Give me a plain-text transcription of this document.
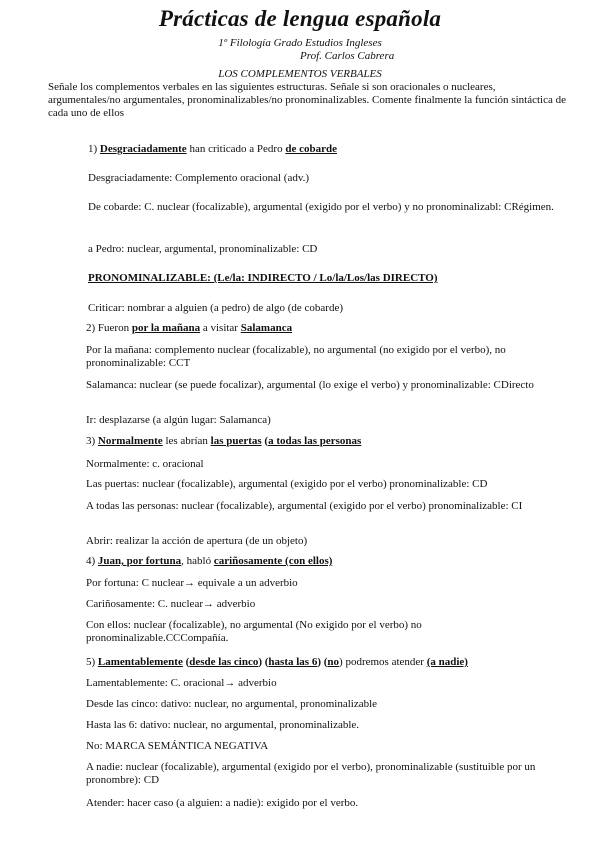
Prácticas de lengua española
1º Filología Grado Estudios Ingleses
Prof. Carlos Cabrera
LOS COMPLEMENTOS VERBALES
Señale los complementos verbales en las siguientes estructuras. Señale si son oracionales o nucleares, argumentales/no argumentales, pronominalizables/no pronominalizables. Comente finalmente la función sintáctica de cada uno de ellos
1) Desgraciadamente han criticado a Pedro de cobarde
Desgraciadamente: Complemento oracional (adv.)
De cobarde: C. nuclear (focalizable), argumental (exigido por el verbo) y no pronominalizabl: CRégimen.
a Pedro: nuclear, argumental, pronominalizable: CD
PRONOMINALIZABLE: (Le/la: INDIRECTO / Lo/la/Los/las DIRECTO)
Criticar: nombrar a alguien (a pedro) de algo (de cobarde)
2) Fueron por la mañana a visitar Salamanca
Por la mañana: complemento nuclear (focalizable), no argumental (no exigido por el verbo), no pronominalizable: CCT
Salamanca: nuclear (se puede focalizar), argumental (lo exige el verbo) y pronominalizable: CDirecto
Ir: desplazarse (a algún lugar: Salamanca)
3) Normalmente les abrían las puertas (a todas las personas
Normalmente: c. oracional
Las puertas: nuclear (focalizable), argumental (exigido por el verbo) pronominalizable: CD
A todas las personas: nuclear (focalizable), argumental (exigido por el verbo) pronominalizable: CI
Abrir: realizar la acción de apertura (de un objeto)
4) Juan, por fortuna, habló cariñosamente (con ellos)
Por fortuna: C nuclear→ equivale a un adverbio
Cariñosamente: C. nuclear→ adverbio
Con ellos: nuclear (focalizable), no argumental (No exigido por el verbo) no pronominalizable.CCCompañía.
5) Lamentablemente (desde las cinco) (hasta las 6) (no) podremos atender (a nadie)
Lamentablemente: C. oracional→ adverbio
Desde las cinco: dativo: nuclear, no argumental, pronominalizable
Hasta las 6: dativo: nuclear, no argumental, pronominalizable.
No: MARCA SEMÁNTICA NEGATIVA
A nadie: nuclear (focalizable), argumental (exigido por el verbo), pronominalizable (sustituible por un pronombre): CD
Atender: hacer caso (a alguien: a nadie): exigido por el verbo.
